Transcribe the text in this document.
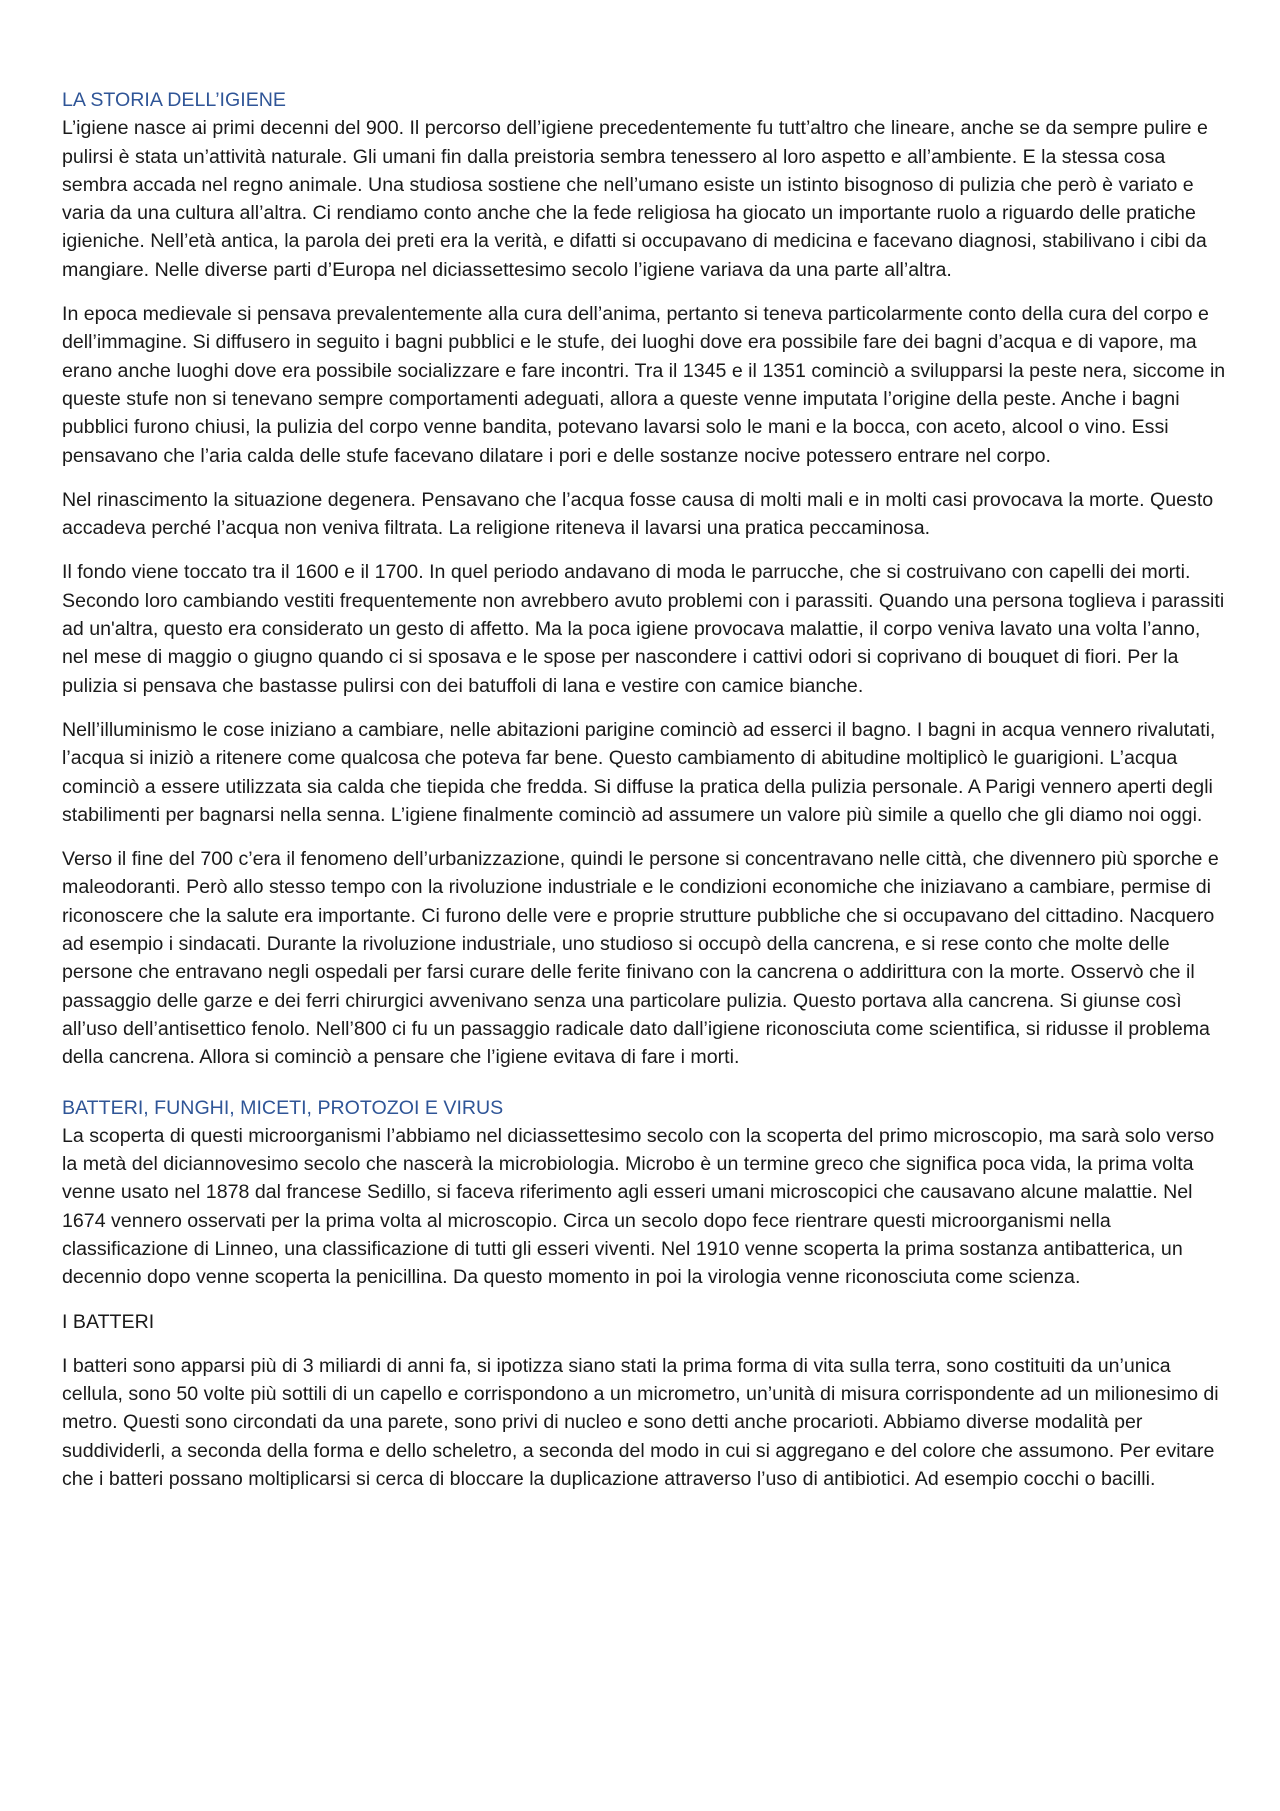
LA STORIA DELL’IGIENE

L’igiene nasce ai primi decenni del 900. Il percorso dell’igiene precedentemente fu tutt’altro che lineare, anche se da sempre pulire e pulirsi è stata un’attività naturale. Gli umani fin dalla preistoria sembra tenessero al loro aspetto e all’ambiente. E la stessa cosa sembra accada nel regno animale. Una studiosa sostiene che nell’umano esiste un istinto bisognoso di pulizia che però è variato e varia da una cultura all’altra. Ci rendiamo conto anche che la fede religiosa ha giocato un importante ruolo a riguardo delle pratiche igieniche. Nell’età antica, la parola dei preti era la verità, e difatti si occupavano di medicina e facevano diagnosi, stabilivano i cibi da mangiare. Nelle diverse parti d’Europa nel diciassettesimo secolo l’igiene variava da una parte all’altra.

In epoca medievale si pensava prevalentemente alla cura dell’anima, pertanto si teneva particolarmente conto della cura del corpo e dell’immagine. Si diffusero in seguito i bagni pubblici e le stufe, dei luoghi dove era possibile fare dei bagni d’acqua e di vapore, ma erano anche luoghi dove era possibile socializzare e fare incontri. Tra il 1345 e il 1351 cominciò a svilupparsi la peste nera, siccome in queste stufe non si tenevano sempre comportamenti adeguati, allora a queste venne imputata l’origine della peste. Anche i bagni pubblici furono chiusi, la pulizia del corpo venne bandita, potevano lavarsi solo le mani e la bocca, con aceto, alcool o vino. Essi pensavano che l’aria calda delle stufe facevano dilatare i pori e delle sostanze nocive potessero entrare nel corpo.

Nel rinascimento la situazione degenera. Pensavano che l’acqua fosse causa di molti mali e in molti casi provocava la morte. Questo accadeva perché l’acqua non veniva filtrata. La religione riteneva il lavarsi una pratica peccaminosa.

Il fondo viene toccato tra il 1600 e il 1700. In quel periodo andavano di moda le parrucche, che si costruivano con capelli dei morti. Secondo loro cambiando vestiti frequentemente non avrebbero avuto problemi con i parassiti. Quando una persona toglieva i parassiti ad un'altra, questo era considerato un gesto di affetto. Ma la poca igiene provocava malattie, il corpo veniva lavato una volta l’anno, nel mese di maggio o giugno quando ci si sposava e le spose per nascondere i cattivi odori si coprivano di bouquet di fiori. Per la pulizia si pensava che bastasse pulirsi con dei batuffoli di lana e vestire con camice bianche.

Nell’illuminismo le cose iniziano a cambiare, nelle abitazioni parigine cominciò ad esserci il bagno. I bagni in acqua vennero rivalutati, l’acqua si iniziò a ritenere come qualcosa che poteva far bene. Questo cambiamento di abitudine moltiplicò le guarigioni. L’acqua cominciò a essere utilizzata sia calda che tiepida che fredda. Si diffuse la pratica della pulizia personale. A Parigi vennero aperti degli stabilimenti per bagnarsi nella senna. L’igiene finalmente cominciò ad assumere un valore più simile a quello che gli diamo noi oggi.

Verso il fine del 700 c’era il fenomeno dell’urbanizzazione, quindi le persone si concentravano nelle città, che divennero più sporche e maleodoranti. Però allo stesso tempo con la rivoluzione industriale e le condizioni economiche che iniziavano a cambiare, permise di riconoscere che la salute era importante. Ci furono delle vere e proprie strutture pubbliche che si occupavano del cittadino. Nacquero ad esempio i sindacati. Durante la rivoluzione industriale, uno studioso si occupò della cancrena, e si rese conto che molte delle persone che entravano negli ospedali per farsi curare delle ferite finivano con la cancrena o addirittura con la morte. Osservò che il passaggio delle garze e dei ferri chirurgici avvenivano senza una particolare pulizia. Questo portava alla cancrena. Si giunse così all’uso dell’antisettico fenolo. Nell’800 ci fu un passaggio radicale dato dall’igiene riconosciuta come scientifica, si ridusse il problema della cancrena. Allora si cominciò a pensare che l’igiene evitava di fare i morti.

BATTERI, FUNGHI, MICETI, PROTOZOI E VIRUS

La scoperta di questi microorganismi l’abbiamo nel diciassettesimo secolo con la scoperta del primo microscopio, ma sarà solo verso la metà del diciannovesimo secolo che nascerà la microbiologia. Microbo è un termine greco che significa poca vida, la prima volta venne usato nel 1878 dal francese Sedillo, si faceva riferimento agli esseri umani microscopici che causavano alcune malattie. Nel 1674 vennero osservati per la prima volta al microscopio. Circa un secolo dopo fece rientrare questi microorganismi nella classificazione di Linneo, una classificazione di tutti gli esseri viventi. Nel 1910 venne scoperta la prima sostanza antibatterica, un decennio dopo venne scoperta la penicillina. Da questo momento in poi la virologia venne riconosciuta come scienza.

I BATTERI

I batteri sono apparsi più di 3 miliardi di anni fa, si ipotizza siano stati la prima forma di vita sulla terra, sono costituiti da un’unica cellula, sono 50 volte più sottili di un capello e corrispondono a un micrometro, un’unità di misura corrispondente ad un milionesimo di metro. Questi sono circondati da una parete, sono privi di nucleo e sono detti anche procarioti. Abbiamo diverse modalità per suddividerli, a seconda della forma e dello scheletro, a seconda del modo in cui si aggregano e del colore che assumono. Per evitare che i batteri possano moltiplicarsi si cerca di bloccare la duplicazione attraverso l’uso di antibiotici. Ad esempio cocchi o bacilli.
